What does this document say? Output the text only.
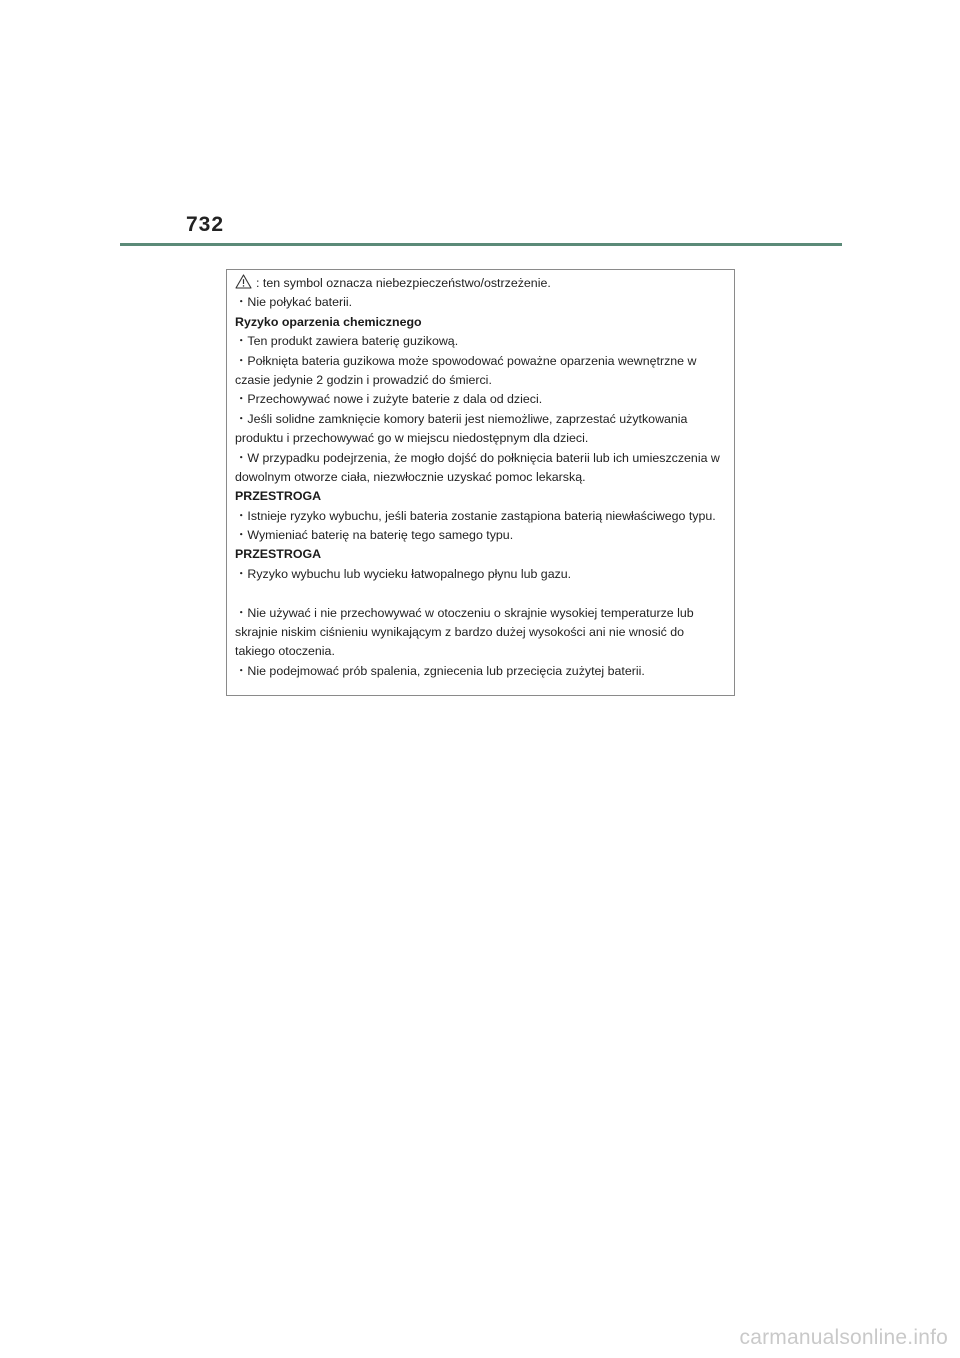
732
: ten symbol oznacza niebezpieczeństwo/ostrzeżenie.
・Nie połykać baterii.
Ryzyko oparzenia chemicznego
・Ten produkt zawiera baterię guzikową.
・Połknięta bateria guzikowa może spowodować poważne oparzenia wewnętrzne w
czasie jedynie 2 godzin i prowadzić do śmierci.
・Przechowywać nowe i zużyte baterie z dala od dzieci.
・Jeśli solidne zamknięcie komory baterii jest niemożliwe, zaprzestać użytkowania
produktu i przechowywać go w miejscu niedostępnym dla dzieci.
・W przypadku podejrzenia, że mogło dojść do połknięcia baterii lub ich umieszczenia w
dowolnym otworze ciała, niezwłocznie uzyskać pomoc lekarską.
PRZESTROGA
・Istnieje ryzyko wybuchu, jeśli bateria zostanie zastąpiona baterią niewłaściwego typu.
・Wymieniać baterię na baterię tego samego typu.
PRZESTROGA
・Ryzyko wybuchu lub wycieku łatwopalnego płynu lub gazu.
・Nie używać i nie przechowywać w otoczeniu o skrajnie wysokiej temperaturze lub
skrajnie niskim ciśnieniu wynikającym z bardzo dużej wysokości ani nie wnosić do
takiego otoczenia.
・Nie podejmować prób spalenia, zgniecenia lub przecięcia zużytej baterii.
carmanualsonline.info
